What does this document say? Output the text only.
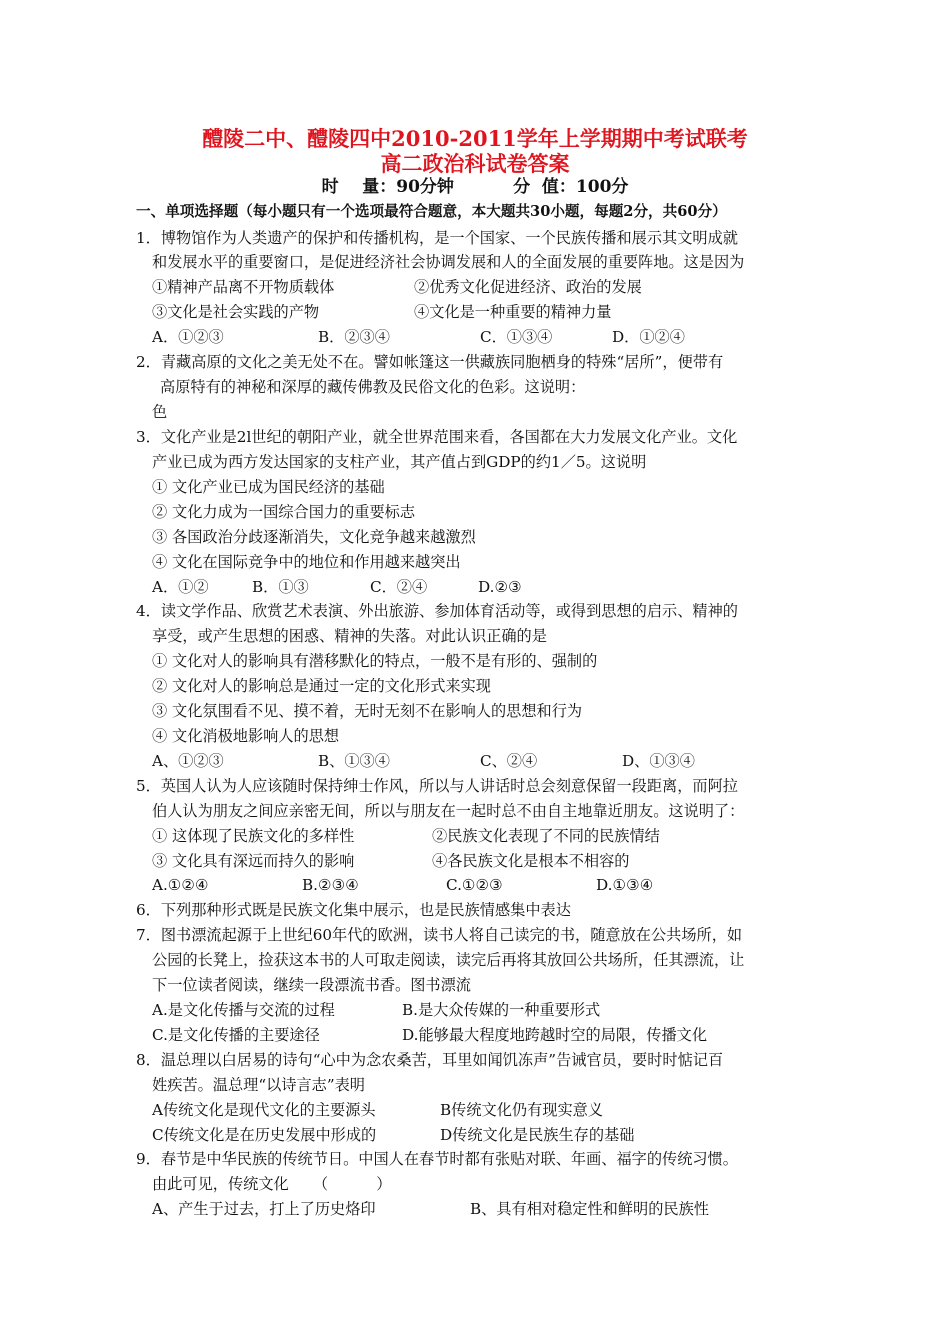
醴陵二中、醴陵四中2010-2011学年上学期期中考试联考
高二政治科试卷答案
时    量：90分钟	分  值：100分
一、单项选择题（每小题只有一个选项最符合题意，本大题共30小题，每题2分，共60分）
1．博物馆作为人类遗产的保护和传播机构，是一个国家、一个民族传播和展示其文明成就
和发展水平的重要窗口，是促进经济社会协调发展和人的全面发展的重要阵地。这是因为
①精神产品离不开物质载体	②优秀文化促进经济、政治的发展
③文化是社会实践的产物	④文化是一种重要的精神力量
A．①②③	B．②③④	C．①③④	D．①②④
2．青藏高原的文化之美无处不在。譬如帐篷这一供藏族同胞栖身的特殊“居所”，便带有
高原特有的神秘和深厚的藏传佛教及民俗文化的色彩。这说明：
色
3．文化产业是2l世纪的朝阳产业，就全世界范围来看，各国都在大力发展文化产业。文化
产业已成为西方发达国家的支柱产业，其产值占到GDP的约1／5。这说明
① 文化产业已成为国民经济的基础
② 文化力成为一国综合国力的重要标志
③ 各国政治分歧逐渐消失，文化竞争越来越激烈
④ 文化在国际竞争中的地位和作用越来越突出
A．①②	B．①③	C．②④	D.②③
4．读文学作品、欣赏艺术表演、外出旅游、参加体育活动等，或得到思想的启示、精神的
享受，或产生思想的困惑、精神的失落。对此认识正确的是
① 文化对人的影响具有潜移默化的特点，一般不是有形的、强制的
② 文化对人的影响总是通过一定的文化形式来实现
③ 文化氛围看不见、摸不着，无时无刻不在影响人的思想和行为
④ 文化消极地影响人的思想
A、①②③	B、①③④	C、②④	D、①③④
5．英国人认为人应该随时保持绅士作风，所以与人讲话时总会刻意保留一段距离，而阿拉
伯人认为朋友之间应亲密无间，所以与朋友在一起时总不由自主地靠近朋友。这说明了：
① 这体现了民族文化的多样性	②民族文化表现了不同的民族情结
③ 文化具有深远而持久的影响	④各民族文化是根本不相容的
A.①②④	B.②③④	C.①②③	D.①③④
6．下列那种形式既是民族文化集中展示，也是民族情感集中表达
7．图书漂流起源于上世纪60年代的欧洲，读书人将自己读完的书，随意放在公共场所，如
公园的长凳上，捡获这本书的人可取走阅读，读完后再将其放回公共场所，任其漂流，让
下一位读者阅读，继续一段漂流书香。图书漂流
A.是文化传播与交流的过程	B.是大众传媒的一种重要形式
C.是文化传播的主要途径	D.能够最大程度地跨越时空的局限，传播文化
8．温总理以白居易的诗句“心中为念农桑苦，耳里如闻饥冻声”告诫官员，要时时惦记百
姓疾苦。温总理“以诗言志”表明
A传统文化是现代文化的主要源头	B传统文化仍有现实意义
C传统文化是在历史发展中形成的	D传统文化是民族生存的基础
9．春节是中华民族的传统节日。中国人在春节时都有张贴对联、年画、福字的传统习惯。
由此可见，传统文化     （          ）
A、产生于过去，打上了历史烙印	B、具有相对稳定性和鲜明的民族性
